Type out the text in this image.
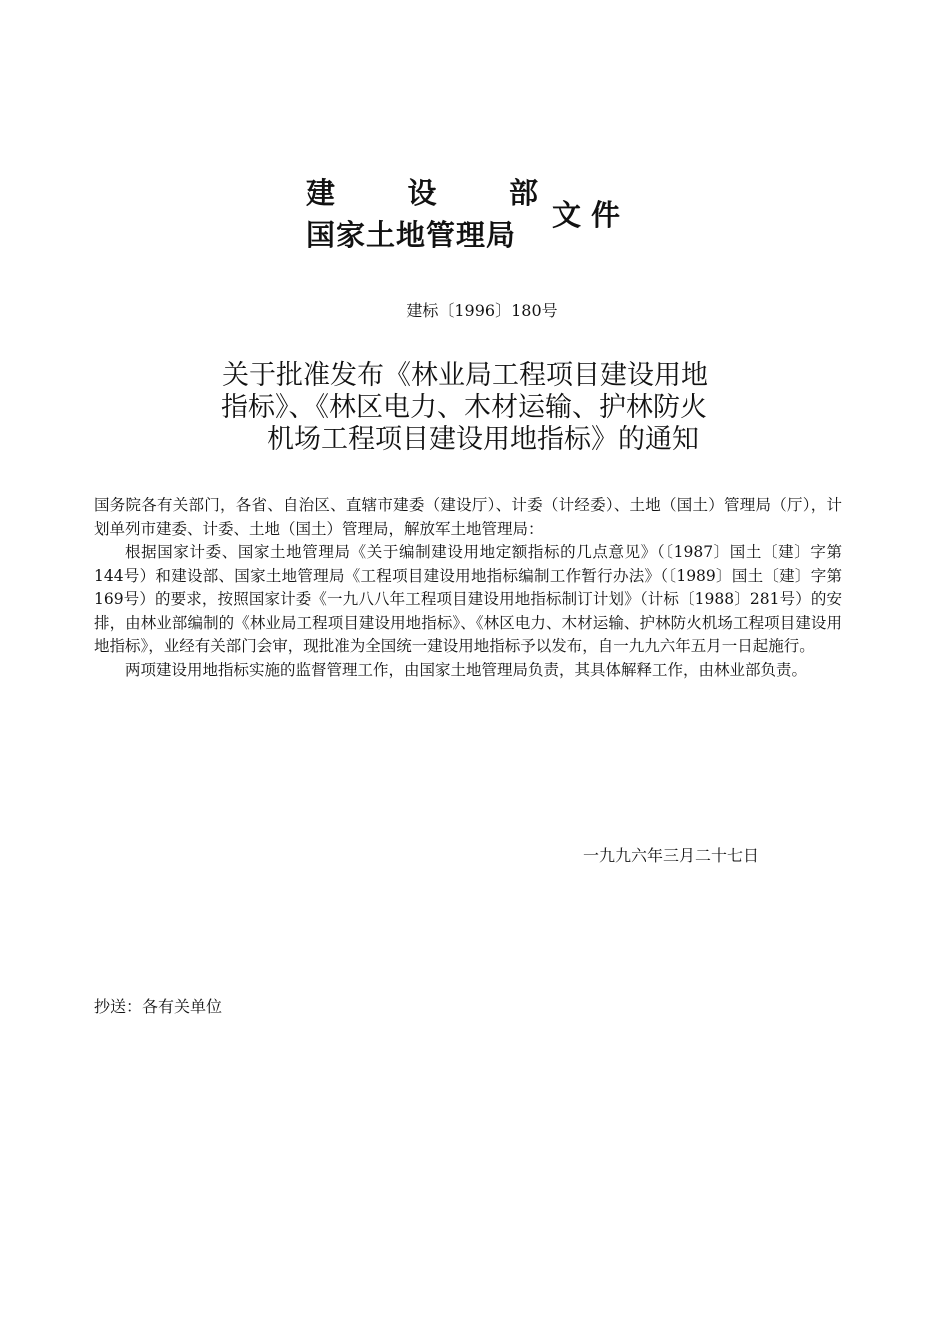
建 设 部
国家土地管理局
文件
建标〔1996〕180号
关于批准发布《林业局工程项目建设用地
指标》、《林区电力、木材运输、护林防火
机场工程项目建设用地指标》的通知

国务院各有关部门，各省、自治区、直辖市建委（建设厅）、计委（计经委）、土地（国土）管理局（厅），计划单列市建委、计委、土地（国土）管理局，解放军土地管理局：

根据国家计委、国家土地管理局《关于编制建设用地定额指标的几点意见》（〔1987〕国土〔建〕字第144号）和建设部、国家土地管理局《工程项目建设用地指标编制工作暂行办法》（〔1989〕国土〔建〕字第169号）的要求，按照国家计委《一九八八年工程项目建设用地指标制订计划》（计标〔1988〕281号）的安排，由林业部编制的《林业局工程项目建设用地指标》、《林区电力、木材运输、护林防火机场工程项目建设用地指标》，业经有关部门会审，现批准为全国统一建设用地指标予以发布，自一九九六年五月一日起施行。

两项建设用地指标实施的监督管理工作，由国家土地管理局负责，其具体解释工作，由林业部负责。

一九九六年三月二十七日
抄送：各有关单位
